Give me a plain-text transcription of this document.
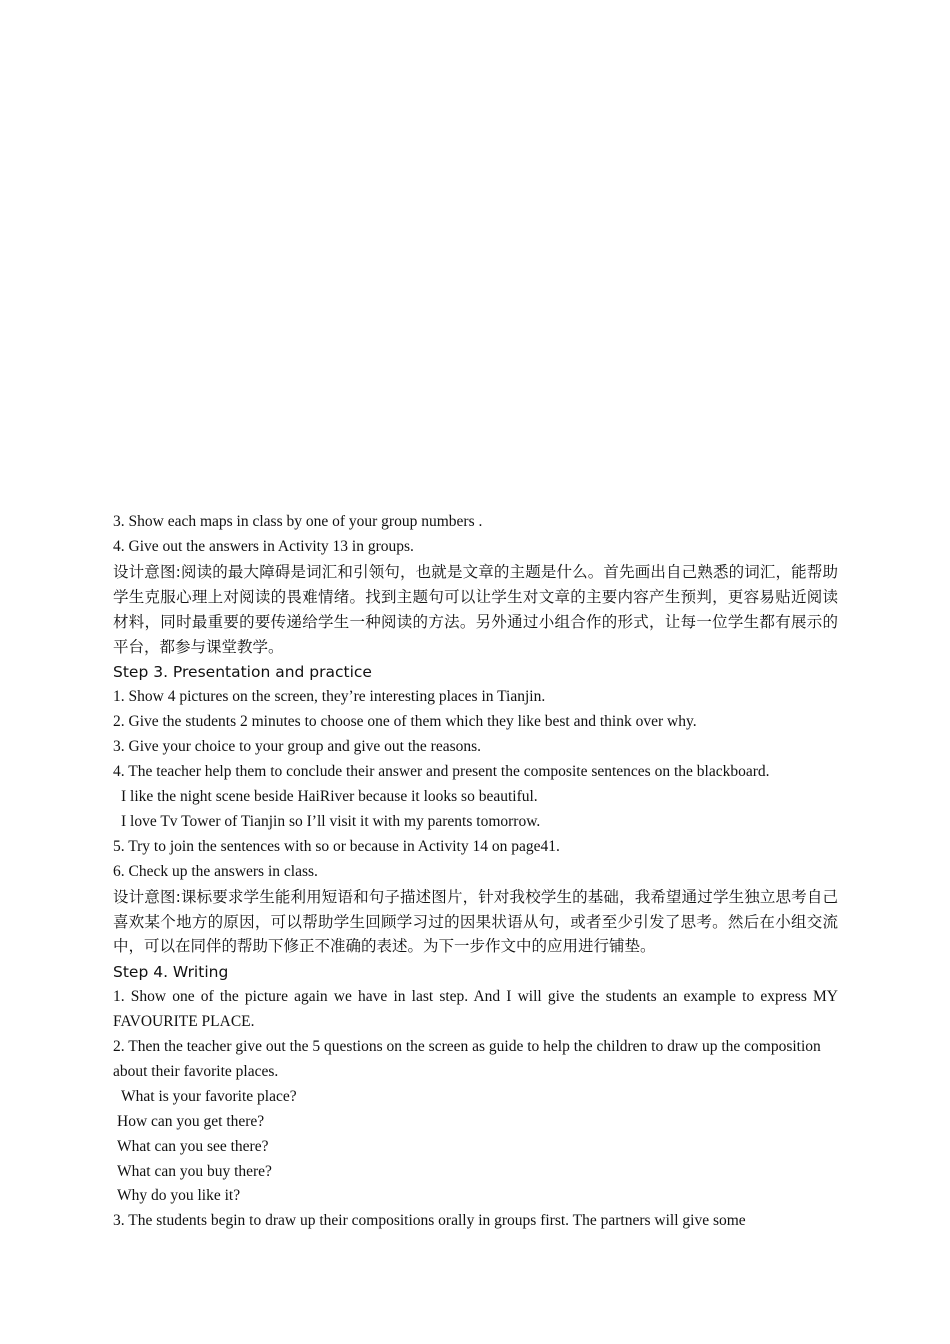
3. Show each maps in class by one of your group numbers .
4. Give out the answers in Activity 13 in groups.
设计意图:阅读的最大障碍是词汇和引领句，也就是文章的主题是什么。首先画出自己熟悉的词汇，能帮助学生克服心理上对阅读的畏难情绪。找到主题句可以让学生对文章的主要内容产生预判，更容易贴近阅读材料，同时最重要的要传递给学生一种阅读的方法。另外通过小组合作的形式，让每一位学生都有展示的平台，都参与课堂教学。
Step 3. Presentation and practice
1. Show 4 pictures on the screen, they’re interesting places in Tianjin.
2. Give the students 2 minutes to choose one of them which they like best and think over why.
3. Give your choice to your group and give out the reasons.
4. The teacher help them to conclude their answer and present the composite sentences on the blackboard.
I like the night scene beside HaiRiver because it looks so beautiful.
I love Tv Tower of Tianjin so I’ll visit it with my parents tomorrow.
5. Try to join the sentences with so or because in Activity 14 on page41.
6. Check up the answers in class.
设计意图:课标要求学生能利用短语和句子描述图片，针对我校学生的基础，我希望通过学生独立思考自己喜欢某个地方的原因，可以帮助学生回顾学习过的因果状语从句，或者至少引发了思考。然后在小组交流中，可以在同伴的帮助下修正不准确的表述。为下一步作文中的应用进行铺垫。
Step 4. Writing
1. Show one of the picture again we have in last step. And I will give the students an example to express MY FAVOURITE PLACE.
2. Then the teacher give out the 5 questions on the screen as guide to help the children to draw up the composition about their favorite places.
What is your favorite place?
How can you get there?
What can you see there?
What can you buy there?
Why do you like it?
3. The students begin to draw up their compositions orally in groups first. The partners will give some
